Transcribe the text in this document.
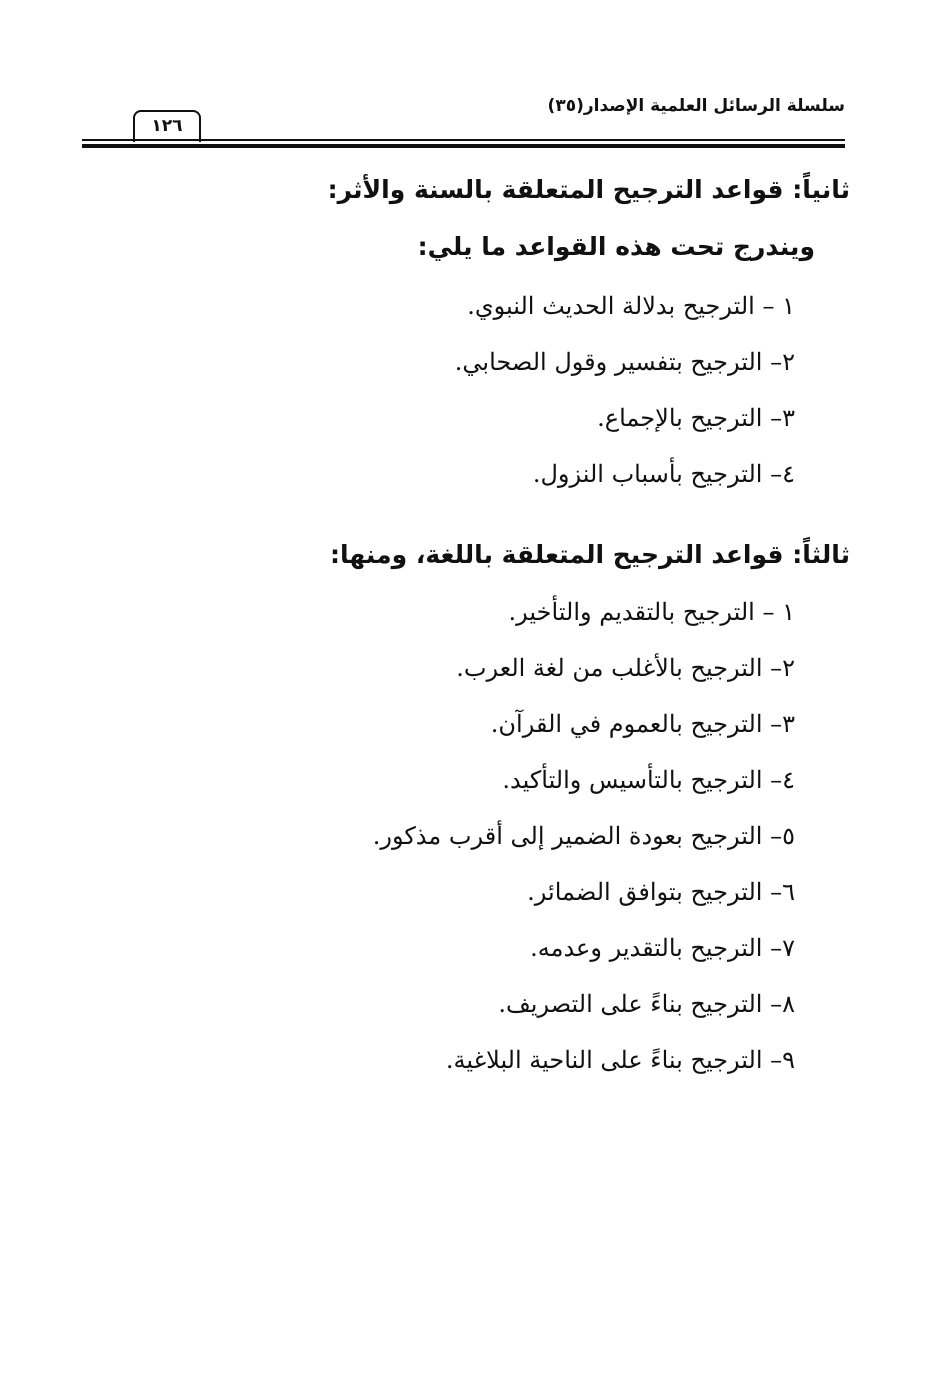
سلسلة الرسائل العلمية الإصدار(٣٥)
١٢٦
ثانياً: قواعد الترجيح المتعلقة بالسنة والأثر:
ويندرج تحت هذه القواعد ما يلي:
١ – الترجيح بدلالة الحديث النبوي.
٢– الترجيح بتفسير وقول الصحابي.
٣– الترجيح بالإجماع.
٤– الترجيح بأسباب النزول.
ثالثاً: قواعد الترجيح المتعلقة باللغة، ومنها:
١ – الترجيح بالتقديم والتأخير.
٢– الترجيح بالأغلب من لغة العرب.
٣– الترجيح بالعموم في القرآن.
٤– الترجيح بالتأسيس والتأكيد.
٥– الترجيح بعودة الضمير إلى أقرب مذكور.
٦– الترجيح بتوافق الضمائر.
٧– الترجيح بالتقدير وعدمه.
٨– الترجيح بناءً على التصريف.
٩– الترجيح بناءً على الناحية البلاغية.
